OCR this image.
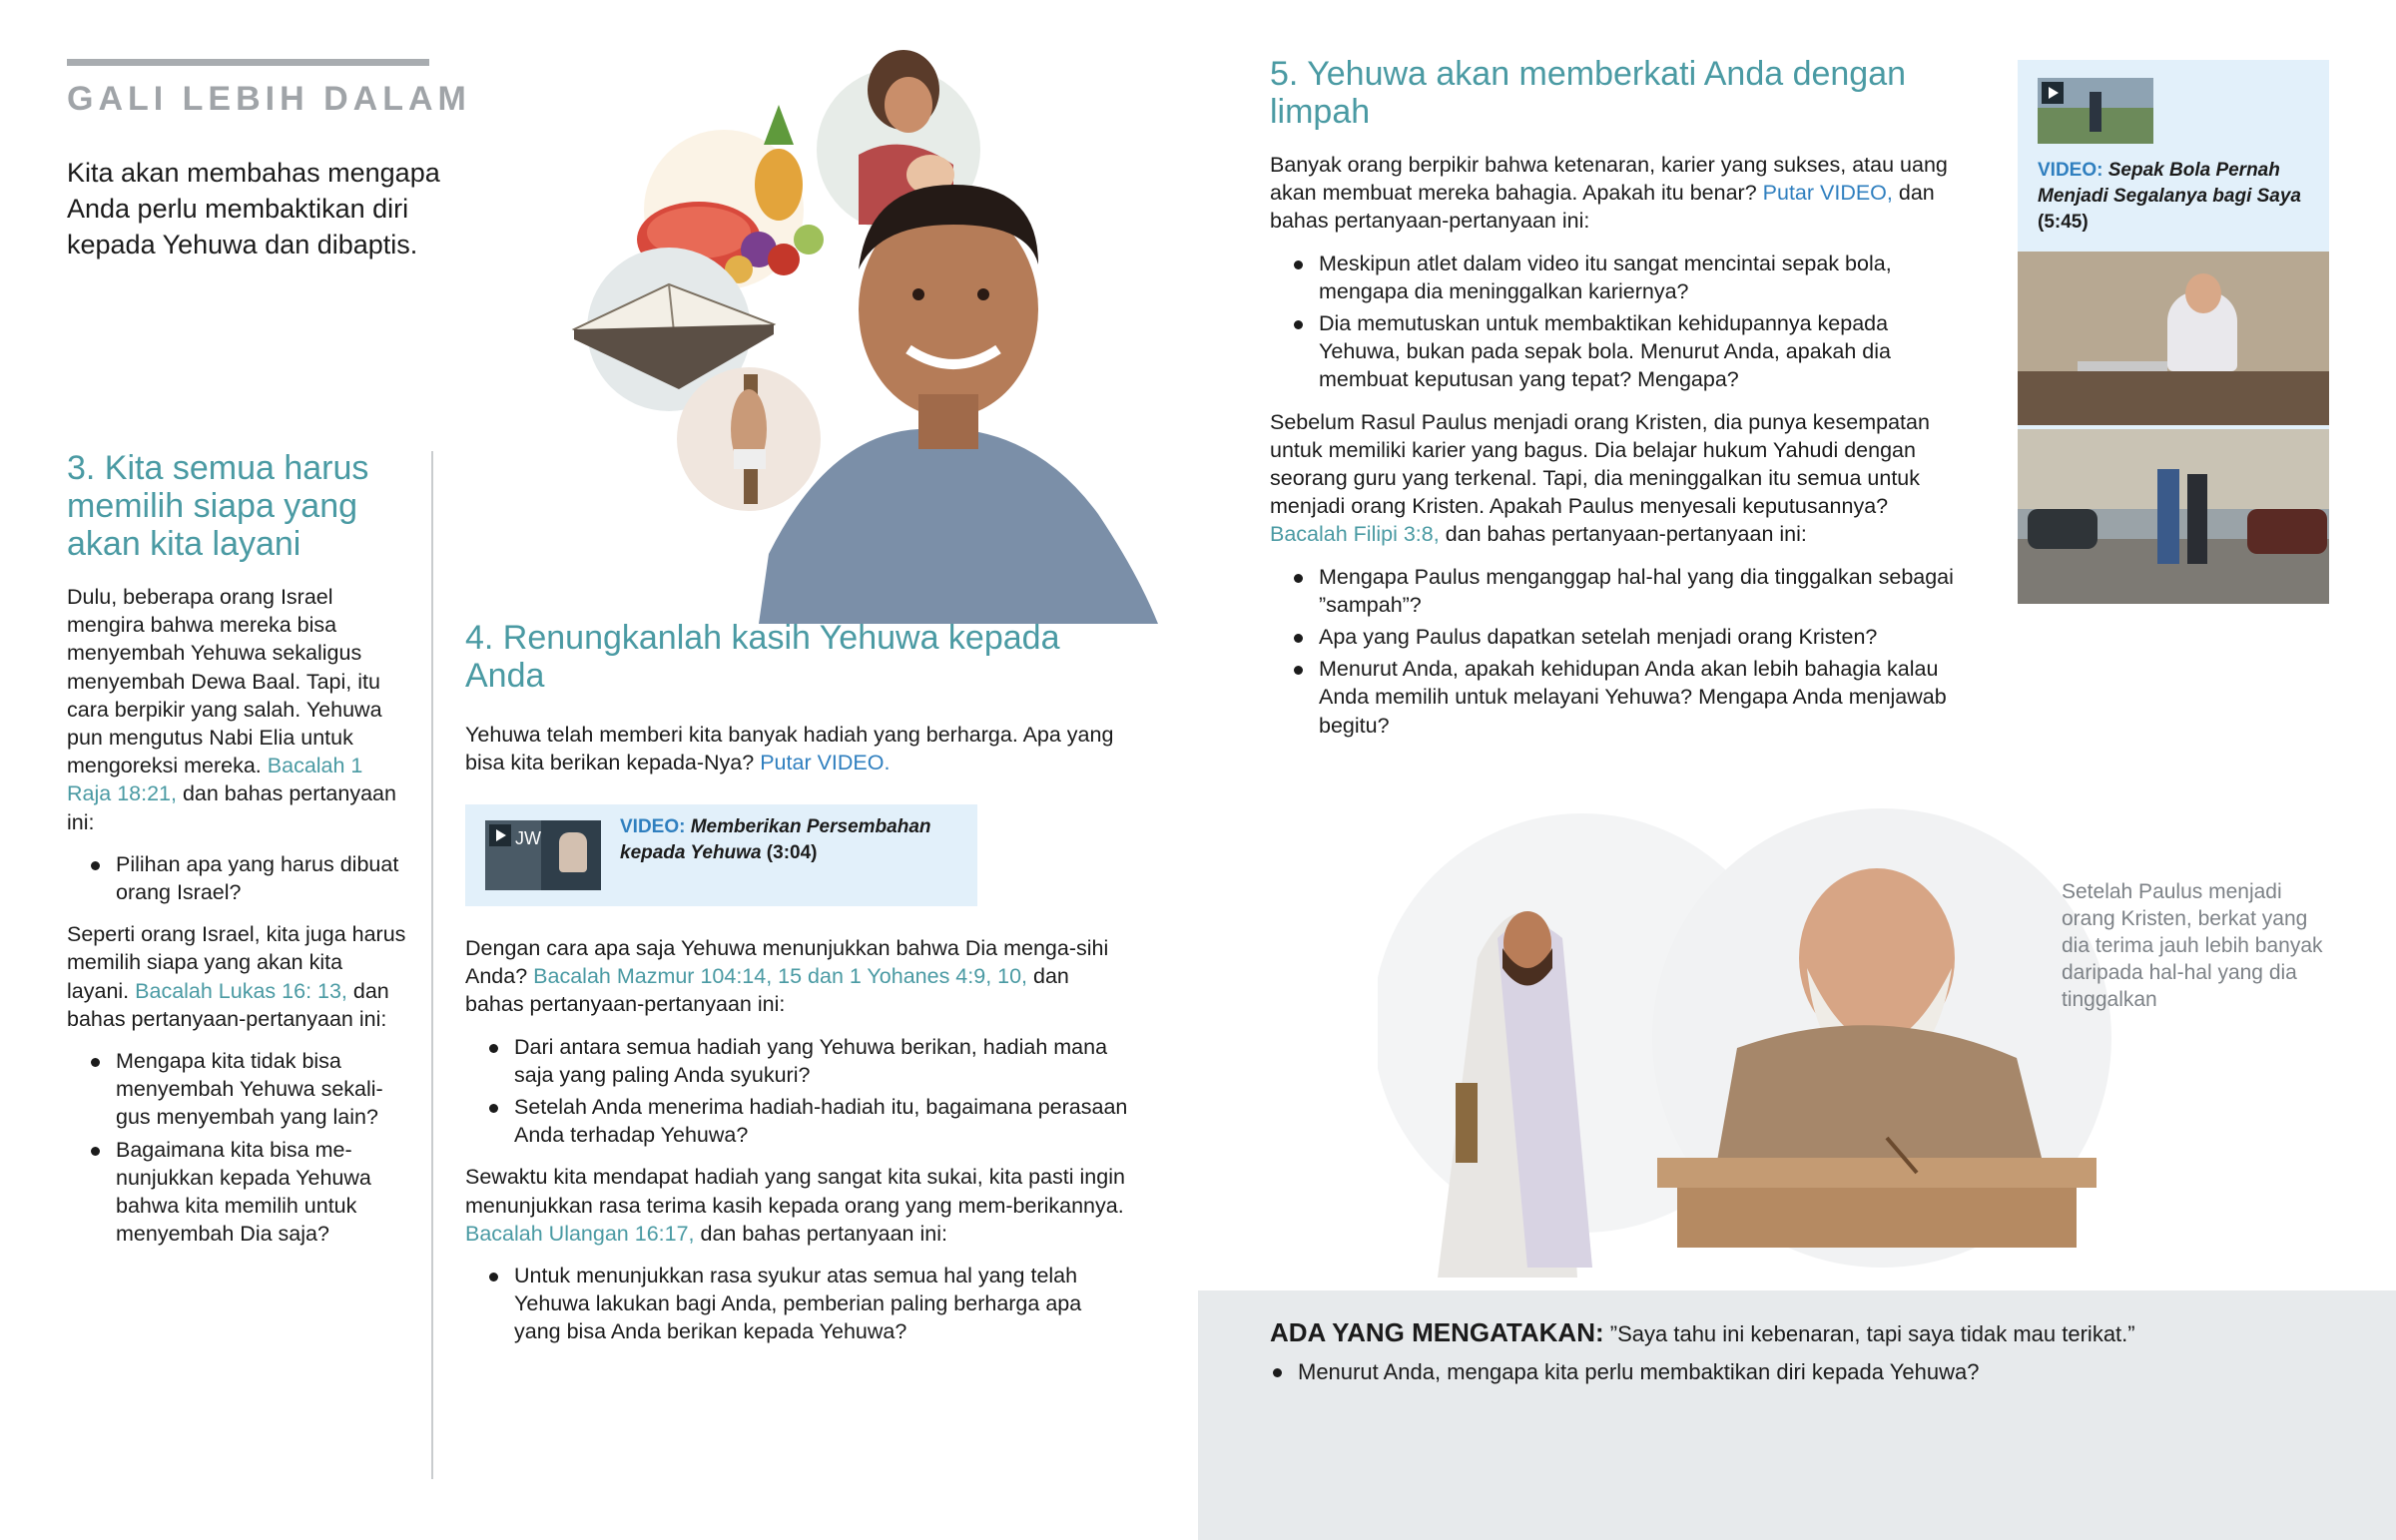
GALI LEBIH DALAM
Kita akan membahas mengapa Anda perlu membaktikan diri kepada Yehuwa dan dibaptis.
3. Kita semua harus memilih siapa yang akan kita layani

Dulu, beberapa orang Israel mengira bahwa mereka bisa menyembah Yehuwa sekaligus menyembah Dewa Baal. Tapi, itu cara berpikir yang salah. Yehuwa pun mengutus Nabi Elia untuk mengoreksi mereka. Bacalah 1 Raja 18:21, dan bahas pertanyaan ini:

Pilihan apa yang harus dibuat orang Israel?

Seperti orang Israel, kita juga harus memilih siapa yang akan kita layani. Bacalah Lukas 16: 13, dan bahas pertanyaan-pertanyaan ini:

Mengapa kita tidak bisa menyembah Yehuwa sekali-gus menyembah yang lain?
Bagaimana kita bisa me-nunjukkan kepada Yehuwa bahwa kita memilih untuk menyembah Dia saja?
4. Renungkanlah kasih Yehuwa kepada Anda

Yehuwa telah memberi kita banyak hadiah yang berharga. Apa yang bisa kita berikan kepada-Nya? Putar VIDEO.

JW
VIDEO: Memberikan Persembahan kepada Yehuwa (3:04)

Dengan cara apa saja Yehuwa menunjukkan bahwa Dia menga-sihi Anda? Bacalah Mazmur 104:14, 15 dan 1 Yohanes 4:9, 10, dan bahas pertanyaan-pertanyaan ini:

Dari antara semua hadiah yang Yehuwa berikan, hadiah mana saja yang paling Anda syukuri?
Setelah Anda menerima hadiah-hadiah itu, bagaimana perasaan Anda terhadap Yehuwa?

Sewaktu kita mendapat hadiah yang sangat kita sukai, kita pasti ingin menunjukkan rasa terima kasih kepada orang yang mem-berikannya. Bacalah Ulangan 16:17, dan bahas pertanyaan ini:

Untuk menunjukkan rasa syukur atas semua hal yang telah Yehuwa lakukan bagi Anda, pemberian paling berharga apa yang bisa Anda berikan kepada Yehuwa?
5. Yehuwa akan memberkati Anda dengan limpah

Banyak orang berpikir bahwa ketenaran, karier yang sukses, atau uang akan membuat mereka bahagia. Apakah itu benar? Putar VIDEO, dan bahas pertanyaan-pertanyaan ini:

Meskipun atlet dalam video itu sangat mencintai sepak bola, mengapa dia meninggalkan kariernya?
Dia memutuskan untuk membaktikan kehidupannya kepada Yehuwa, bukan pada sepak bola. Menurut Anda, apakah dia membuat keputusan yang tepat? Mengapa?

Sebelum Rasul Paulus menjadi orang Kristen, dia punya kesempatan untuk memiliki karier yang bagus. Dia belajar hukum Yahudi dengan seorang guru yang terkenal. Tapi, dia meninggalkan itu semua untuk menjadi orang Kristen. Apakah Paulus menyesali keputusannya? Bacalah Filipi 3:8, dan bahas pertanyaan-pertanyaan ini:

Mengapa Paulus menganggap hal-hal yang dia tinggalkan sebagai ”sampah”?
Apa yang Paulus dapatkan setelah menjadi orang Kristen?
Menurut Anda, apakah kehidupan Anda akan lebih bahagia kalau Anda memilih untuk melayani Yehuwa? Mengapa Anda menjawab begitu?
VIDEO: Sepak Bola Pernah Menjadi Segalanya bagi Saya (5:45)
Setelah Paulus menjadi orang Kristen, berkat yang dia terima jauh lebih banyak daripada hal-hal yang dia tinggalkan

ADA YANG MENGATAKAN: ”Saya tahu ini kebenaran, tapi saya tidak mau terikat.”

Menurut Anda, mengapa kita perlu membaktikan diri kepada Yehuwa?
